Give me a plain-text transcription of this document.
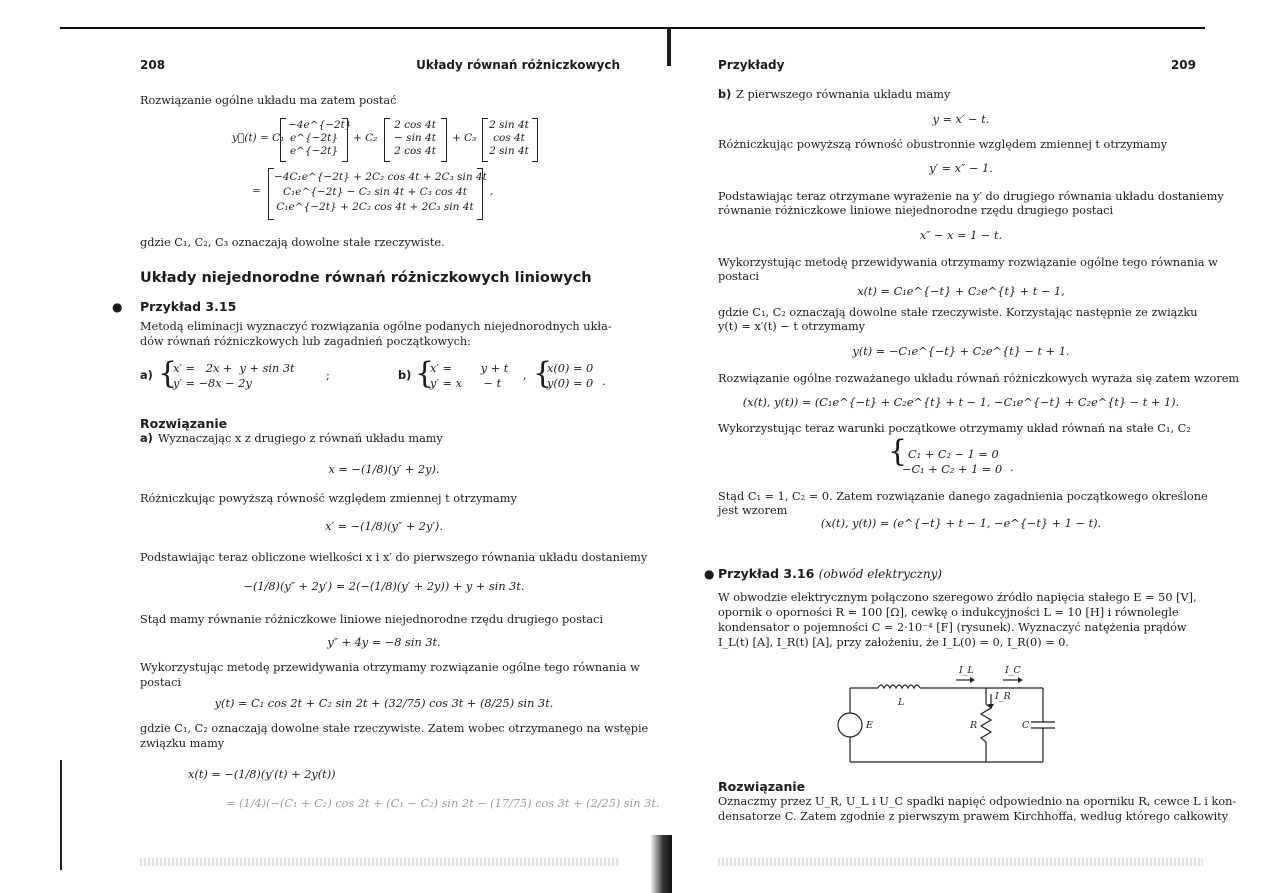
208	Układy równań różniczkowych
Rozwiązanie ogólne układu ma zatem postać
y⃗(t) = C₁
−4e^{−2t}
e^{−2t}
e^{−2t}
+ C₂
2 cos 4t
− sin 4t
2 cos 4t
+ C₃
2 sin 4t
cos 4t
2 sin 4t
=
−4C₁e^{−2t} + 2C₂ cos 4t + 2C₃ sin 4t
C₁e^{−2t} − C₂ sin 4t + C₃ cos 4t
C₁e^{−2t} + 2C₂ cos 4t + 2C₃ sin 4t
,
gdzie C₁, C₂, C₃ oznaczają dowolne stałe rzeczywiste.
Układy niejednorodne równań różniczkowych liniowych
● Przykład 3.15
Metodą eliminacji wyznaczyć rozwiązania ogólne podanych niejednorodnych ukła-
dów równań różniczkowych lub zagadnień początkowych:
a) {
x′ =   2x +  y + sin 3t
y′ = −8x − 2y
;	b) {
x′ =        y + t
y′ = x      − t
, {
x(0) = 0
y(0) = 0 .
Rozwiązanie
a) Wyznaczając x z drugiego z równań układu mamy
x = −(1/8)(y′ + 2y).
Różniczkując powyższą równość względem zmiennej t otrzymamy
x′ = −(1/8)(y″ + 2y′).
Podstawiając teraz obliczone wielkości x i x′ do pierwszego równania układu dostaniemy
−(1/8)(y″ + 2y′) = 2(−(1/8)(y′ + 2y)) + y + sin 3t.
Stąd mamy równanie różniczkowe liniowe niejednorodne rzędu drugiego postaci
y″ + 4y = −8 sin 3t.
Wykorzystując metodę przewidywania otrzymamy rozwiązanie ogólne tego równania w
postaci
y(t) = C₁ cos 2t + C₂ sin 2t + (32/75) cos 3t + (8/25) sin 3t.
gdzie C₁, C₂ oznaczają dowolne stałe rzeczywiste. Zatem wobec otrzymanego na wstępie
związku mamy
x(t) = −(1/8)(y′(t) + 2y(t))
= (1/4)(−(C₁ + C₂) cos 2t + (C₁ − C₂) sin 2t − (17/75) cos 3t + (2/25) sin 3t.
Przykłady	209
b) Z pierwszego równania układu mamy
y = x′ − t.
Różniczkując powyższą równość obustronnie względem zmiennej t otrzymamy
y′ = x″ − 1.
Podstawiając teraz otrzymane wyrażenie na y′ do drugiego równania układu dostaniemy
równanie różniczkowe liniowe niejednorodne rzędu drugiego postaci
x″ − x = 1 − t.
Wykorzystując metodę przewidywania otrzymamy rozwiązanie ogólne tego równania w
postaci
x(t) = C₁e^{−t} + C₂e^{t} + t − 1,
gdzie C₁, C₂ oznaczają dowolne stałe rzeczywiste. Korzystając następnie ze związku
y(t) = x′(t) − t otrzymamy
y(t) = −C₁e^{−t} + C₂e^{t} − t + 1.
Rozwiązanie ogólne rozważanego układu równań różniczkowych wyraża się zatem wzorem
(x(t), y(t)) = (C₁e^{−t} + C₂e^{t} + t − 1, −C₁e^{−t} + C₂e^{t} − t + 1).
Wykorzystując teraz warunki początkowe otrzymamy układ równań na stałe C₁, C₂
{ C₁ + C₂ − 1 = 0
−C₁ + C₂ + 1 = 0 .
Stąd C₁ = 1, C₂ = 0. Zatem rozwiązanie danego zagadnienia początkowego określone
jest wzorem
(x(t), y(t)) = (e^{−t} + t − 1, −e^{−t} + 1 − t).
● Przykład 3.16 (obwód elektryczny)
W obwodzie elektrycznym połączono szeregowo źródło napięcia stałego E = 50 [V],
opornik o oporności R = 100 [Ω], cewkę o indukcyjności L = 10 [H] i równolegle
kondensator o pojemności C = 2·10⁻⁴ [F] (rysunek). Wyznaczyć natężenia prądów
I_L(t) [A], I_R(t) [A], przy założeniu, że I_L(0) = 0, I_R(0) = 0.
I_L	I_C
I_R
L
E	R	C
Rozwiązanie
Oznaczmy przez U_R, U_L i U_C spadki napięć odpowiednio na oporniku R, cewce L i kon-
densatorze C. Zatem zgodnie z pierwszym prawem Kirchhoffa, według którego całkowity
